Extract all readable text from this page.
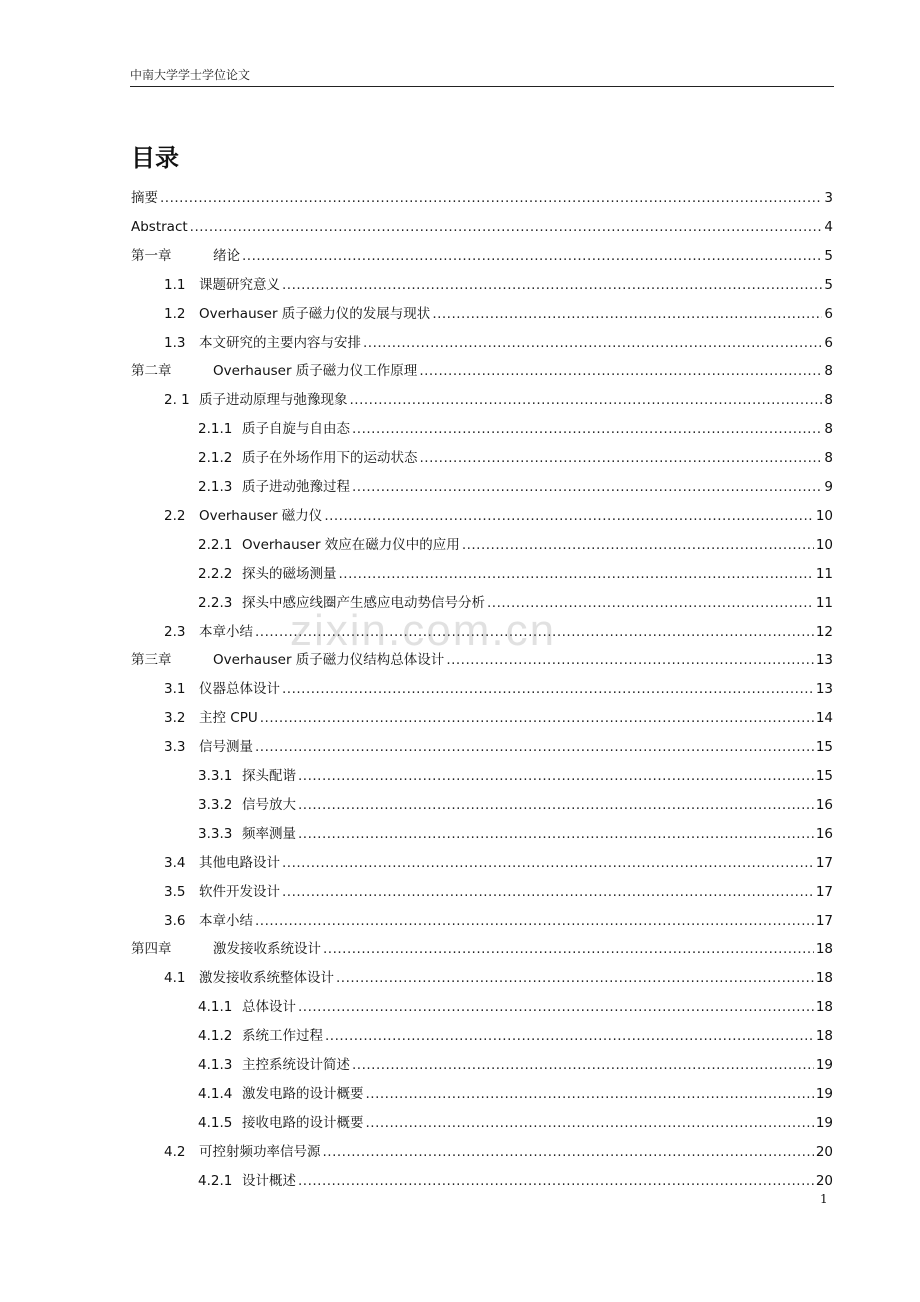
中南大学学士学位论文
目录
摘要 .....	3
Abstract .....	4
第一章	绪论 .....	5
1.1	课题研究意义 .....	5
1.2	Overhauser 质子磁力仪的发展与现状 .....	6
1.3	本文研究的主要内容与安排 .....	6
第二章	Overhauser 质子磁力仪工作原理 .....	8
2. 1 质子进动原理与弛豫现象 .....	8
2.1.1 质子自旋与自由态 .....	8
2.1.2 质子在外场作用下的运动状态 .....	8
2.1.3 质子进动弛豫过程 .....	9
2.2	Overhauser 磁力仪 .....	10
2.2.1 Overhauser 效应在磁力仪中的应用 .....	10
2.2.2 探头的磁场测量 .....	11
2.2.3 探头中感应线圈产生感应电动势信号分析 .....	11
2.3	本章小结 .....	12
第三章	Overhauser 质子磁力仪结构总体设计 .....	13
3.1	仪器总体设计 .....	13
3.2	主控 CPU .....	14
3.3	信号测量 .....	15
3.3.1 探头配谐 .....	15
3.3.2 信号放大 .....	16
3.3.3 频率测量 .....	16
3.4	其他电路设计 .....	17
3.5	软件开发设计 .....	17
3.6	本章小结 .....	17
第四章	激发接收系统设计 .....	18
4.1	激发接收系统整体设计 .....	18
4.1.1 总体设计 .....	18
4.1.2 系统工作过程 .....	18
4.1.3 主控系统设计简述 .....	19
4.1.4 激发电路的设计概要 .....	19
4.1.5 接收电路的设计概要 .....	19
4.2	可控射频功率信号源 .....	20
4.2.1 设计概述 .....	20
zixin.com.cn
1
